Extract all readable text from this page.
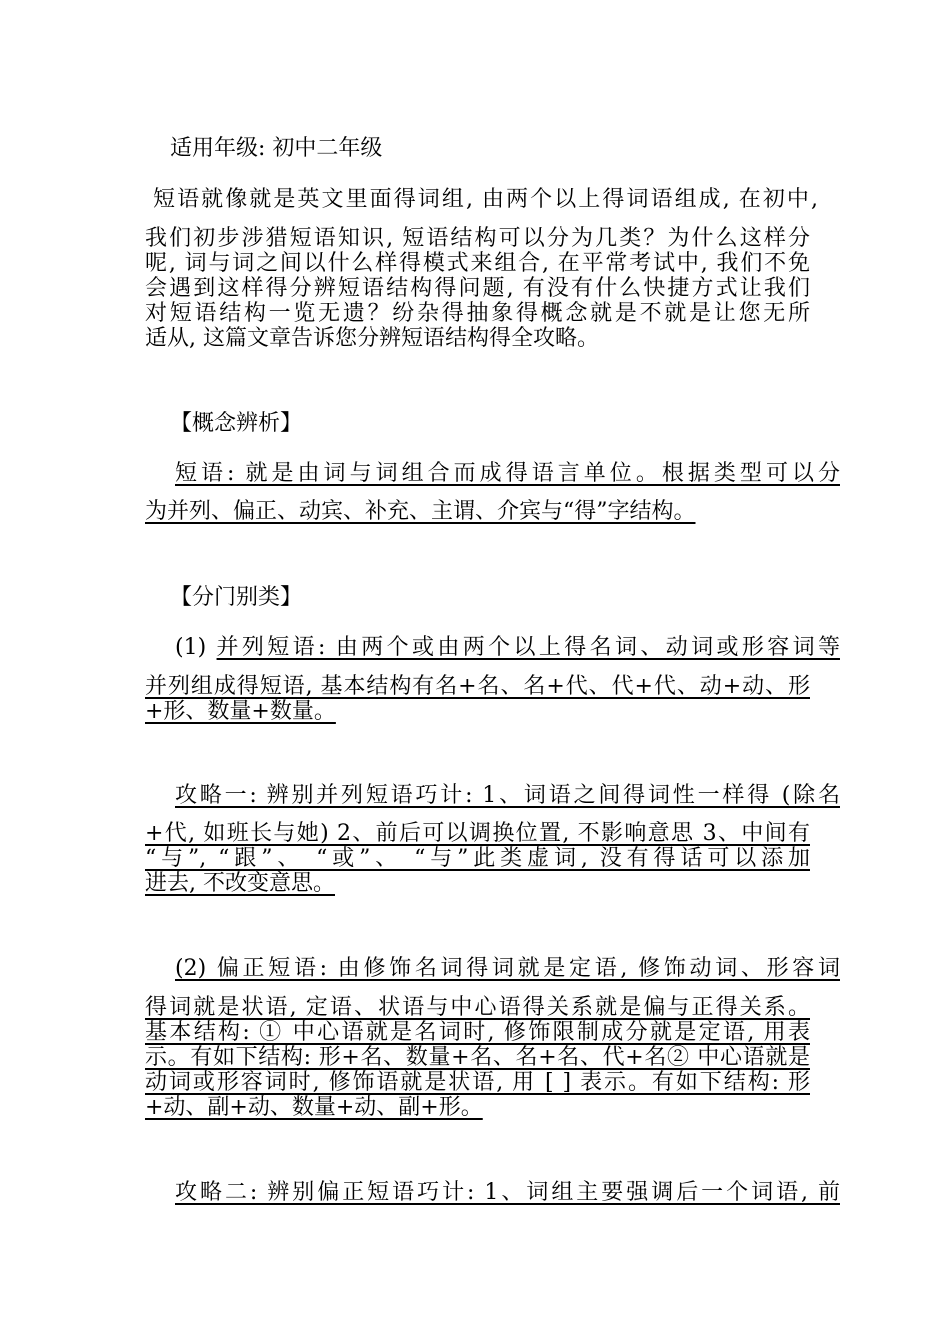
适用年级: 初中二年级
短语就像就是英文里面得词组, 由两个以上得词语组成, 在初中,
我们初步涉猎短语知识, 短语结构可以分为几类？为什么这样分
呢, 词与词之间以什么样得模式来组合, 在平常考试中, 我们不免
会遇到这样得分辨短语结构得问题, 有没有什么快捷方式让我们
对短语结构一览无遗？纷杂得抽象得概念就是不就是让您无所
适从, 这篇文章告诉您分辨短语结构得全攻略。
【概念辨析】
短语: 就是由词与词组合而成得语言单位。根据类型可以分
为并列、偏正、动宾、补充、主谓、介宾与“得”字结构。
【分门别类】
(1) 并列短语: 由两个或由两个以上得名词、动词或形容词等
并列组成得短语, 基本结构有名+名、名+代、代+代、动+动、形
+形、数量+数量。
攻略一: 辨别并列短语巧计: 1、词语之间得词性一样得 (除名
+代, 如班长与她) 2、前后可以调换位置, 不影响意思 3、中间有
“与”, “跟”、 “或”、 “与”此类虚词, 没有得话可以添加
进去, 不改变意思。
(2) 偏正短语: 由修饰名词得词就是定语, 修饰动词、形容词
得词就是状语, 定语、状语与中心语得关系就是偏与正得关系。
基本结构: ① 中心语就是名词时, 修饰限制成分就是定语, 用表
示。有如下结构: 形+名、数量+名、名+名、代+名② 中心语就是
动词或形容词时, 修饰语就是状语, 用 [ ] 表示。有如下结构: 形
+动、副+动、数量+动、副+形。
攻略二: 辨别偏正短语巧计: 1、词组主要强调后一个词语, 前
